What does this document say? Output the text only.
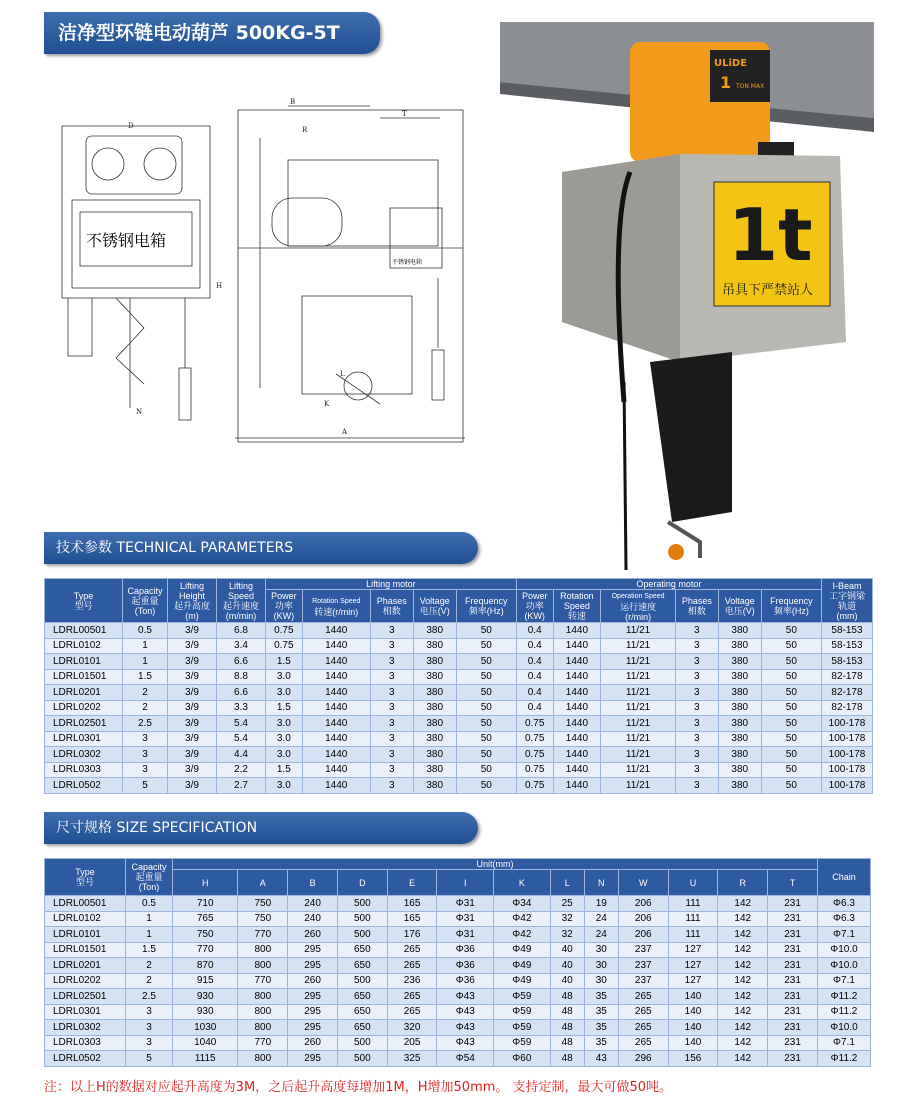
洁净型环链电动葫芦 500KG-5T
D
B
R
T
H
A
L
K
N
不锈钢电箱
不锈钢电箱
ULiDE
1 TON MAX
1t
吊具下严禁站人
技术参数 TECHNICAL PARAMETERS
Type
型号	Capacity
起重量
(Ton)	Lifting
Height
起升高度
(m)	Lifting
Speed
起升速度
(m/min)	Lifting motor					Operating motor						I-Beam
工字钢梁
轨道
(mm)
				Power
功率
(KW)	Rotation Speed
转速(r/min)	Phases
相数	Voltage
电压(V)	Frequency
频率(Hz)	Power
功率
(KW)	Rotation
Speed
转速	Operation Speed
运行速度
(r/min)	Phases
相数	Voltage
电压(V)	Frequency
频率(Hz)	
LDRL00501	0.5	3/9	6.8	0.75	1440	3	380	50	0.4	1440	11/21	3	380	50	58-153
LDRL0102	1	3/9	3.4	0.75	1440	3	380	50	0.4	1440	11/21	3	380	50	58-153
LDRL0101	1	3/9	6.6	1.5	1440	3	380	50	0.4	1440	11/21	3	380	50	58-153
LDRL01501	1.5	3/9	8.8	3.0	1440	3	380	50	0.4	1440	11/21	3	380	50	82-178
LDRL0201	2	3/9	6.6	3.0	1440	3	380	50	0.4	1440	11/21	3	380	50	82-178
LDRL0202	2	3/9	3.3	1.5	1440	3	380	50	0.4	1440	11/21	3	380	50	82-178
LDRL02501	2.5	3/9	5.4	3.0	1440	3	380	50	0.75	1440	11/21	3	380	50	100-178
LDRL0301	3	3/9	5.4	3.0	1440	3	380	50	0.75	1440	11/21	3	380	50	100-178
LDRL0302	3	3/9	4.4	3.0	1440	3	380	50	0.75	1440	11/21	3	380	50	100-178
LDRL0303	3	3/9	2.2	1.5	1440	3	380	50	0.75	1440	11/21	3	380	50	100-178
LDRL0502	5	3/9	2.7	3.0	1440	3	380	50	0.75	1440	11/21	3	380	50	100-178
尺寸规格 SIZE SPECIFICATION
Type
型号	Capacity
起重量
(Ton)	Unit(mm)													Chain
		H	A	B	D	E	I	K	L	N	W	U	R	T	
LDRL00501	0.5	710	750	240	500	165	Φ31	Φ34	25	19	206	111	142	231	Φ6.3
LDRL0102	1	765	750	240	500	165	Φ31	Φ42	32	24	206	111	142	231	Φ6.3
LDRL0101	1	750	770	260	500	176	Φ31	Φ42	32	24	206	111	142	231	Φ7.1
LDRL01501	1.5	770	800	295	650	265	Φ36	Φ49	40	30	237	127	142	231	Φ10.0
LDRL0201	2	870	800	295	650	265	Φ36	Φ49	40	30	237	127	142	231	Φ10.0
LDRL0202	2	915	770	260	500	236	Φ36	Φ49	40	30	237	127	142	231	Φ7.1
LDRL02501	2.5	930	800	295	650	265	Φ43	Φ59	48	35	265	140	142	231	Φ11.2
LDRL0301	3	930	800	295	650	265	Φ43	Φ59	48	35	265	140	142	231	Φ11.2
LDRL0302	3	1030	800	295	650	320	Φ43	Φ59	48	35	265	140	142	231	Φ10.0
LDRL0303	3	1040	770	260	500	205	Φ43	Φ59	48	35	265	140	142	231	Φ7.1
LDRL0502	5	1115	800	295	500	325	Φ54	Φ60	48	43	296	156	142	231	Φ11.2
注：以上H的数据对应起升高度为3M，之后起升高度每增加1M，H增加50mm。 支持定制，最大可做50吨。
